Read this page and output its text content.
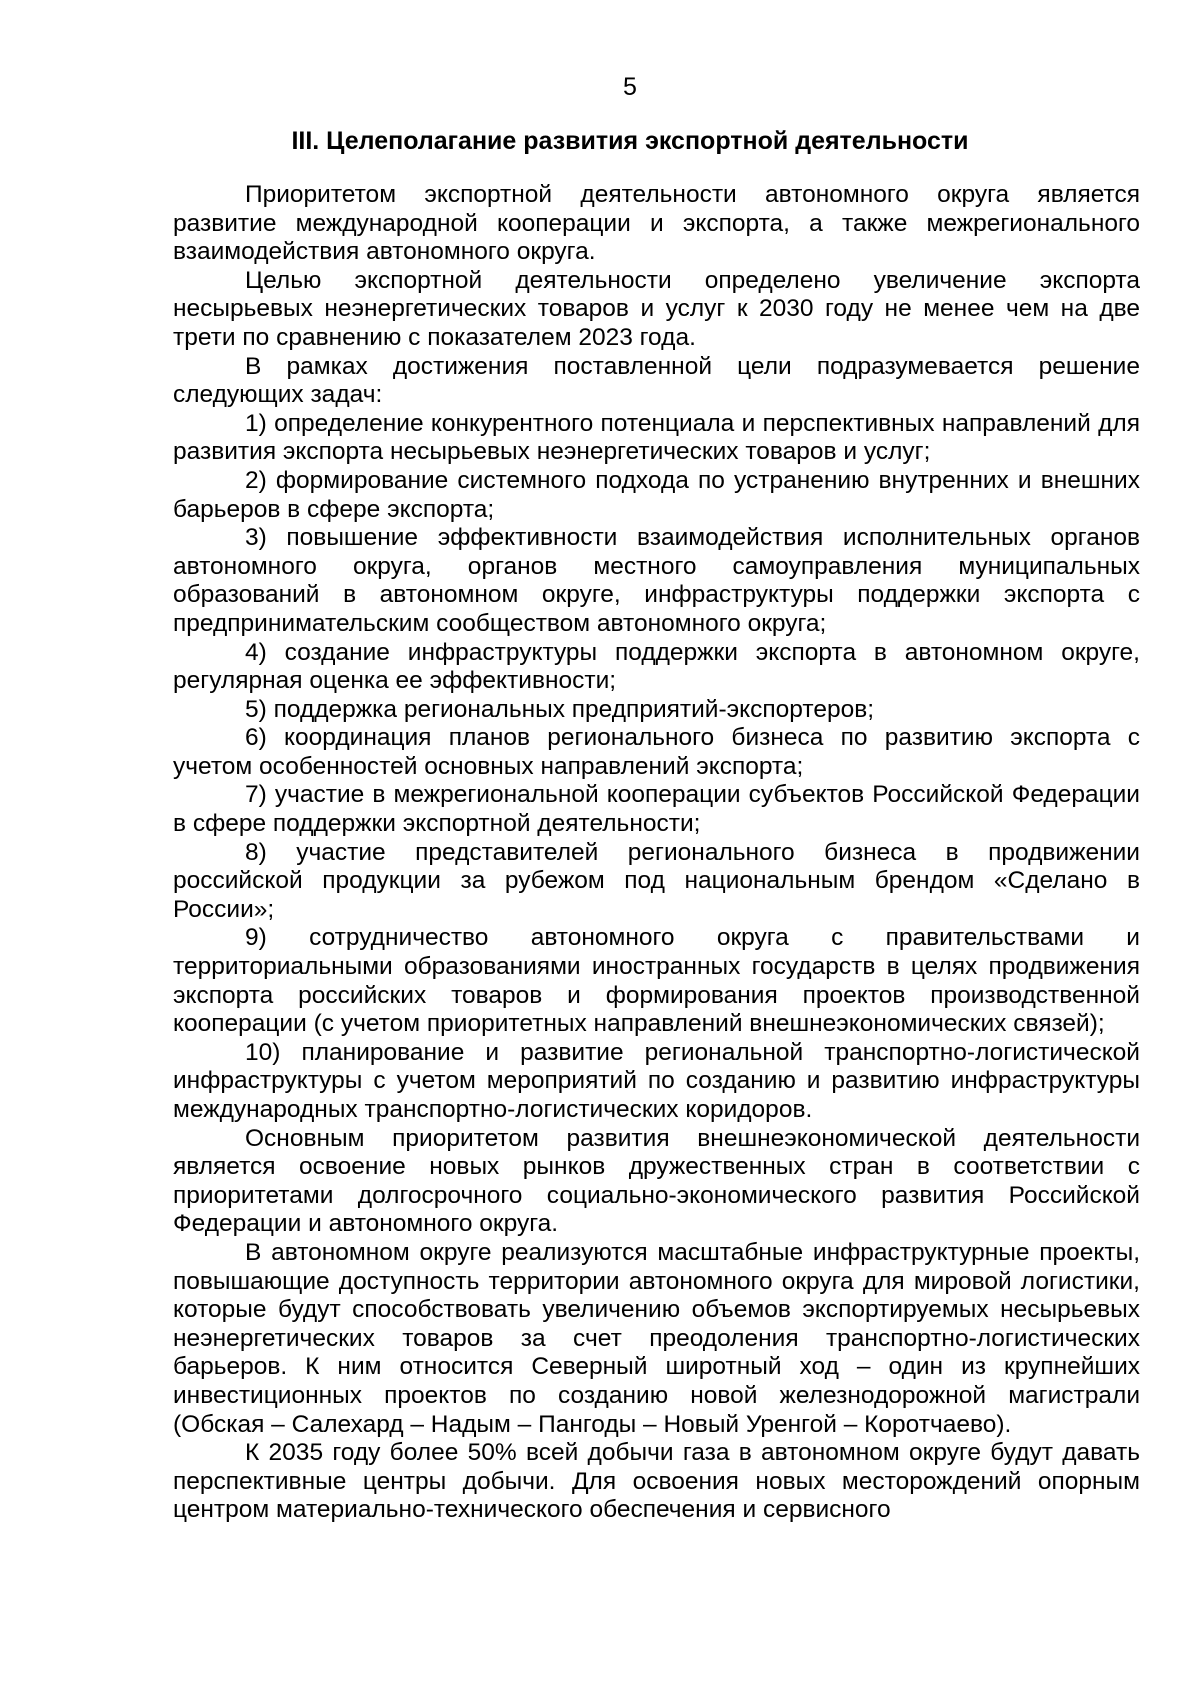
5
III. Целеполагание развития экспортной деятельности

Приоритетом экспортной деятельности автономного округа является развитие международной кооперации и экспорта, а также межрегионального взаимодействия автономного округа.

Целью экспортной деятельности определено увеличение экспорта несырьевых неэнергетических товаров и услуг к 2030 году не менее чем на две трети по сравнению с показателем 2023 года.

В рамках достижения поставленной цели подразумевается решение следующих задач:

1) определение конкурентного потенциала и перспективных направлений для развития экспорта несырьевых неэнергетических товаров и услуг;

2) формирование системного подхода по устранению внутренних и внешних барьеров в сфере экспорта;

3) повышение эффективности взаимодействия исполнительных органов автономного округа, органов местного самоуправления муниципальных образований в автономном округе, инфраструктуры поддержки экспорта с предпринимательским сообществом автономного округа;

4) создание инфраструктуры поддержки экспорта в автономном округе, регулярная оценка ее эффективности;

5) поддержка региональных предприятий-экспортеров;

6) координация планов регионального бизнеса по развитию экспорта с учетом особенностей основных направлений экспорта;

7) участие в межрегиональной кооперации субъектов Российской Федерации в сфере поддержки экспортной деятельности;

8) участие представителей регионального бизнеса в продвижении российской продукции за рубежом под национальным брендом «Сделано в России»;

9) сотрудничество автономного округа с правительствами и территориальными образованиями иностранных государств в целях продвижения экспорта российских товаров и формирования проектов производственной кооперации (с учетом приоритетных направлений внешнеэкономических связей);

10) планирование и развитие региональной транспортно-логистической инфраструктуры с учетом мероприятий по созданию и развитию инфраструктуры международных транспортно-логистических коридоров.

Основным приоритетом развития внешнеэкономической деятельности является освоение новых рынков дружественных стран в соответствии с приоритетами долгосрочного социально-экономического развития Российской Федерации и автономного округа.

В автономном округе реализуются масштабные инфраструктурные проекты, повышающие доступность территории автономного округа для мировой логистики, которые будут способствовать увеличению объемов экспортируемых несырьевых неэнергетических товаров за счет преодоления транспортно-логистических барьеров. К ним относится Северный широтный ход – один из крупнейших инвестиционных проектов по созданию новой железнодорожной магистрали (Обская – Салехард – Надым – Пангоды – Новый Уренгой – Коротчаево).

К 2035 году более 50% всей добычи газа в автономном округе будут давать перспективные центры добычи. Для освоения новых месторождений опорным центром материально-технического обеспечения и сервисного
